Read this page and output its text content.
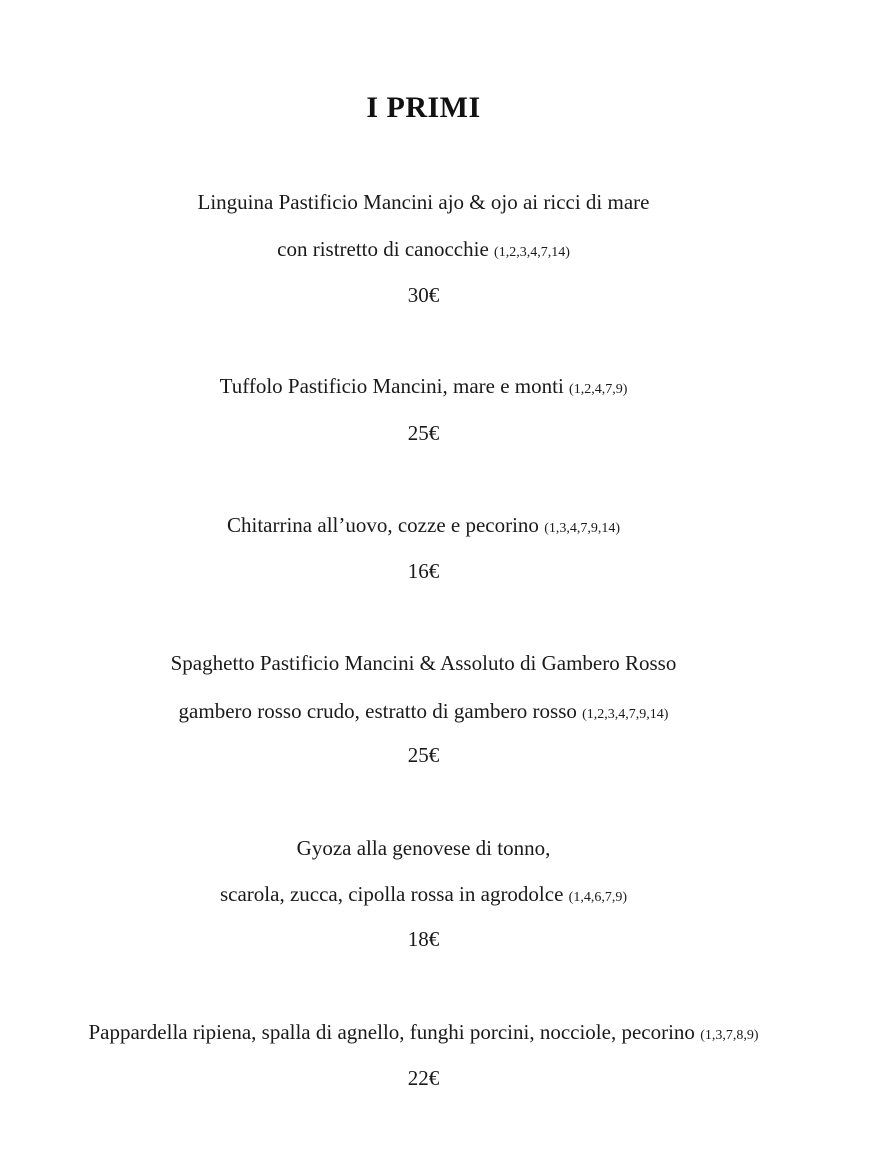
I PRIMI
Linguina Pastificio Mancini ajo & ojo ai ricci di mare
con ristretto di canocchie (1,2,3,4,7,14)
30€
Tuffolo Pastificio Mancini, mare e monti (1,2,4,7,9)
25€
Chitarrina all’uovo, cozze e pecorino (1,3,4,7,9,14)
16€
Spaghetto Pastificio Mancini & Assoluto di Gambero Rosso
gambero rosso crudo, estratto di gambero rosso (1,2,3,4,7,9,14)
25€
Gyoza alla genovese di tonno,
scarola, zucca, cipolla rossa in agrodolce (1,4,6,7,9)
18€
Pappardella ripiena, spalla di agnello, funghi porcini, nocciole, pecorino (1,3,7,8,9)
22€
